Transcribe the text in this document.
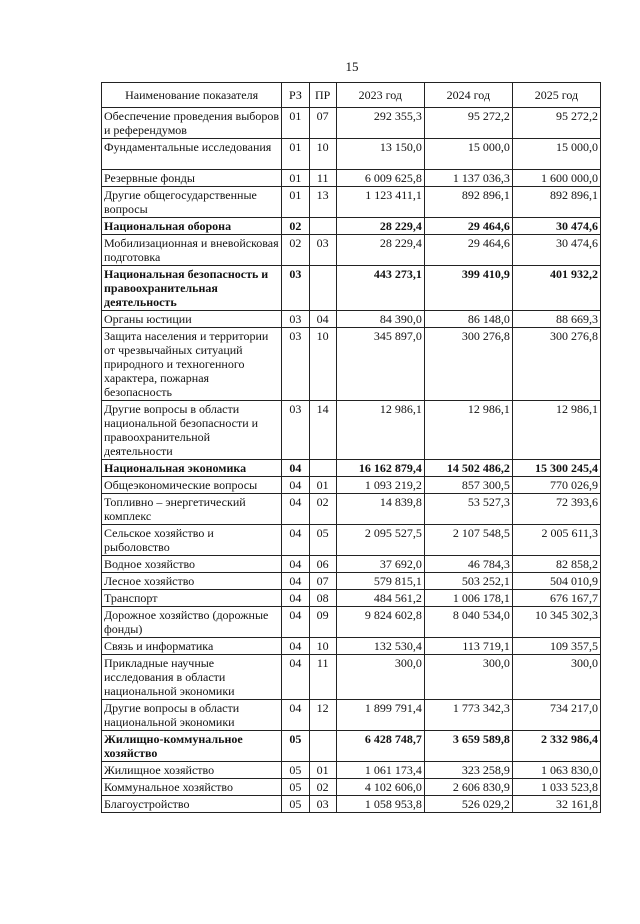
15
Наименование показателя	РЗ	ПР	2023 год	2024 год	2025 год
Обеспечение проведения выборов и референдумов	01	07	292 355,3	95 272,2	95 272,2
Фундаментальные исследования	01	10	13 150,0	15 000,0	15 000,0
Резервные фонды	01	11	6 009 625,8	1 137 036,3	1 600 000,0
Другие общегосударственные вопросы	01	13	1 123 411,1	892 896,1	892 896,1
Национальная оборона	02		28 229,4	29 464,6	30 474,6
Мобилизационная и вневойсковая подготовка	02	03	28 229,4	29 464,6	30 474,6
Национальная безопасность и правоохранительная деятельность	03		443 273,1	399 410,9	401 932,2
Органы юстиции	03	04	84 390,0	86 148,0	88 669,3
Защита населения и территории от чрезвычайных ситуаций природного и техногенного характера, пожарная безопасность	03	10	345 897,0	300 276,8	300 276,8
Другие вопросы в области национальной безопасности и правоохранительной деятельности	03	14	12 986,1	12 986,1	12 986,1
Национальная экономика	04		16 162 879,4	14 502 486,2	15 300 245,4
Общеэкономические вопросы	04	01	1 093 219,2	857 300,5	770 026,9
Топливно – энергетический комплекс	04	02	14 839,8	53 527,3	72 393,6
Сельское хозяйство и рыболовство	04	05	2 095 527,5	2 107 548,5	2 005 611,3
Водное хозяйство	04	06	37 692,0	46 784,3	82 858,2
Лесное хозяйство	04	07	579 815,1	503 252,1	504 010,9
Транспорт	04	08	484 561,2	1 006 178,1	676 167,7
Дорожное хозяйство (дорожные фонды)	04	09	9 824 602,8	8 040 534,0	10 345 302,3
Связь и информатика	04	10	132 530,4	113 719,1	109 357,5
Прикладные научные исследования в области национальной экономики	04	11	300,0	300,0	300,0
Другие вопросы в области национальной экономики	04	12	1 899 791,4	1 773 342,3	734 217,0
Жилищно-коммунальное хозяйство	05		6 428 748,7	3 659 589,8	2 332 986,4
Жилищное хозяйство	05	01	1 061 173,4	323 258,9	1 063 830,0
Коммунальное хозяйство	05	02	4 102 606,0	2 606 830,9	1 033 523,8
Благоустройство	05	03	1 058 953,8	526 029,2	32 161,8
